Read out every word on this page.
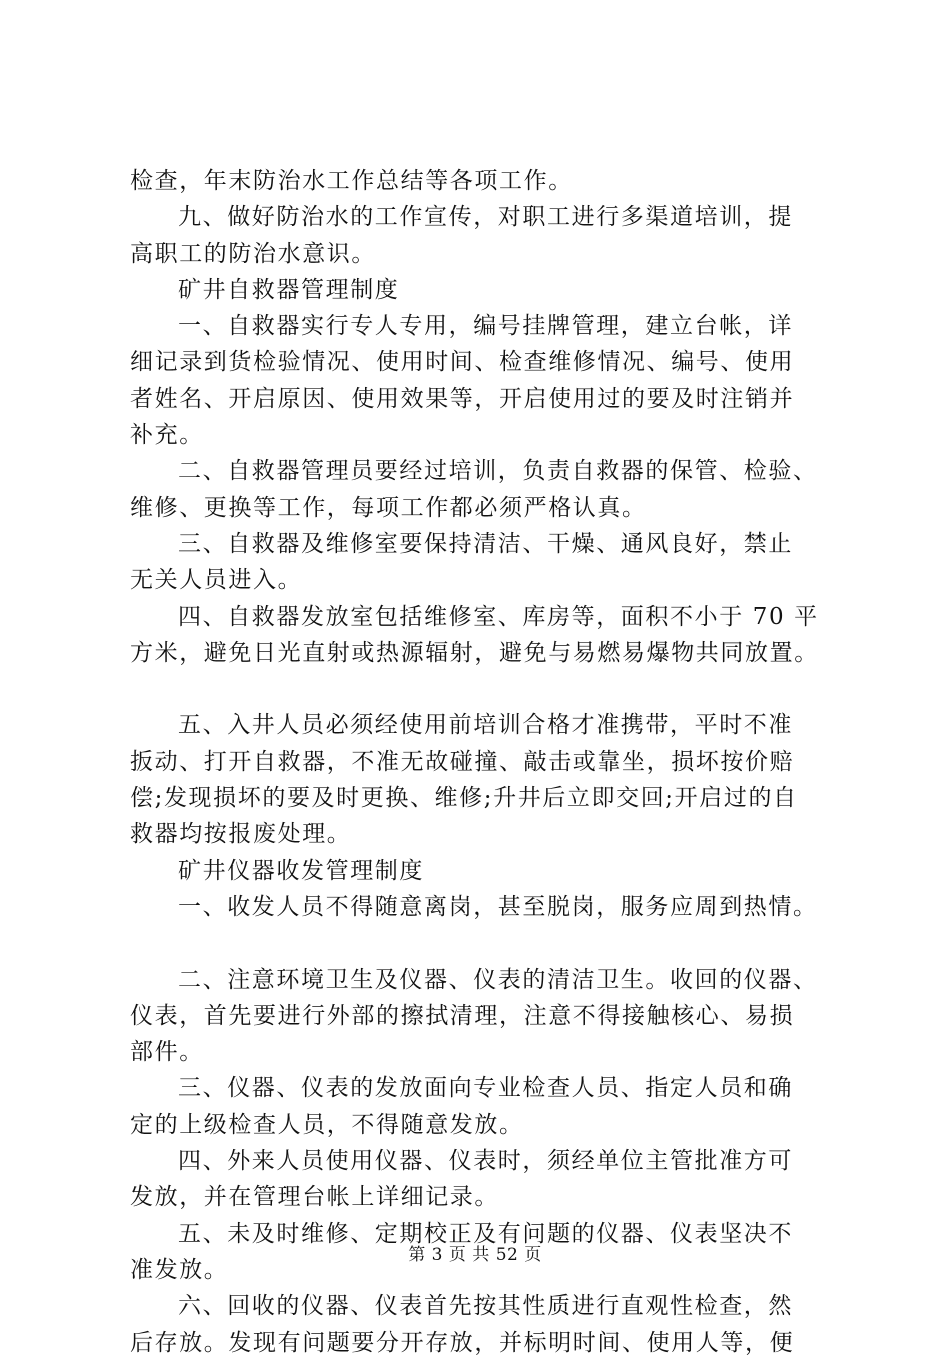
检查，年末防治水工作总结等各项工作。
九、做好防治水的工作宣传，对职工进行多渠道培训，提
高职工的防治水意识。
矿井自救器管理制度
一、自救器实行专人专用，编号挂牌管理，建立台帐，详
细记录到货检验情况、使用时间、检查维修情况、编号、使用
者姓名、开启原因、使用效果等，开启使用过的要及时注销并
补充。
二、自救器管理员要经过培训，负责自救器的保管、检验、
维修、更换等工作，每项工作都必须严格认真。
三、自救器及维修室要保持清洁、干燥、通风良好，禁止
无关人员进入。
四、自救器发放室包括维修室、库房等，面积不小于 70 平
方米，避免日光直射或热源辐射，避免与易燃易爆物共同放置。
五、入井人员必须经使用前培训合格才准携带，平时不准
扳动、打开自救器，不准无故碰撞、敲击或靠坐，损坏按价赔
偿;发现损坏的要及时更换、维修;升井后立即交回;开启过的自
救器均按报废处理。
矿井仪器收发管理制度
一、收发人员不得随意离岗，甚至脱岗，服务应周到热情。
二、注意环境卫生及仪器、仪表的清洁卫生。收回的仪器、
仪表，首先要进行外部的擦拭清理，注意不得接触核心、易损
部件。
三、仪器、仪表的发放面向专业检查人员、指定人员和确
定的上级检查人员，不得随意发放。
四、外来人员使用仪器、仪表时，须经单位主管批准方可
发放，并在管理台帐上详细记录。
五、未及时维修、定期校正及有问题的仪器、仪表坚决不
准发放。
六、回收的仪器、仪表首先按其性质进行直观性检查，然
后存放。发现有问题要分开存放，并标明时间、使用人等，便
第 3 页 共 52 页
